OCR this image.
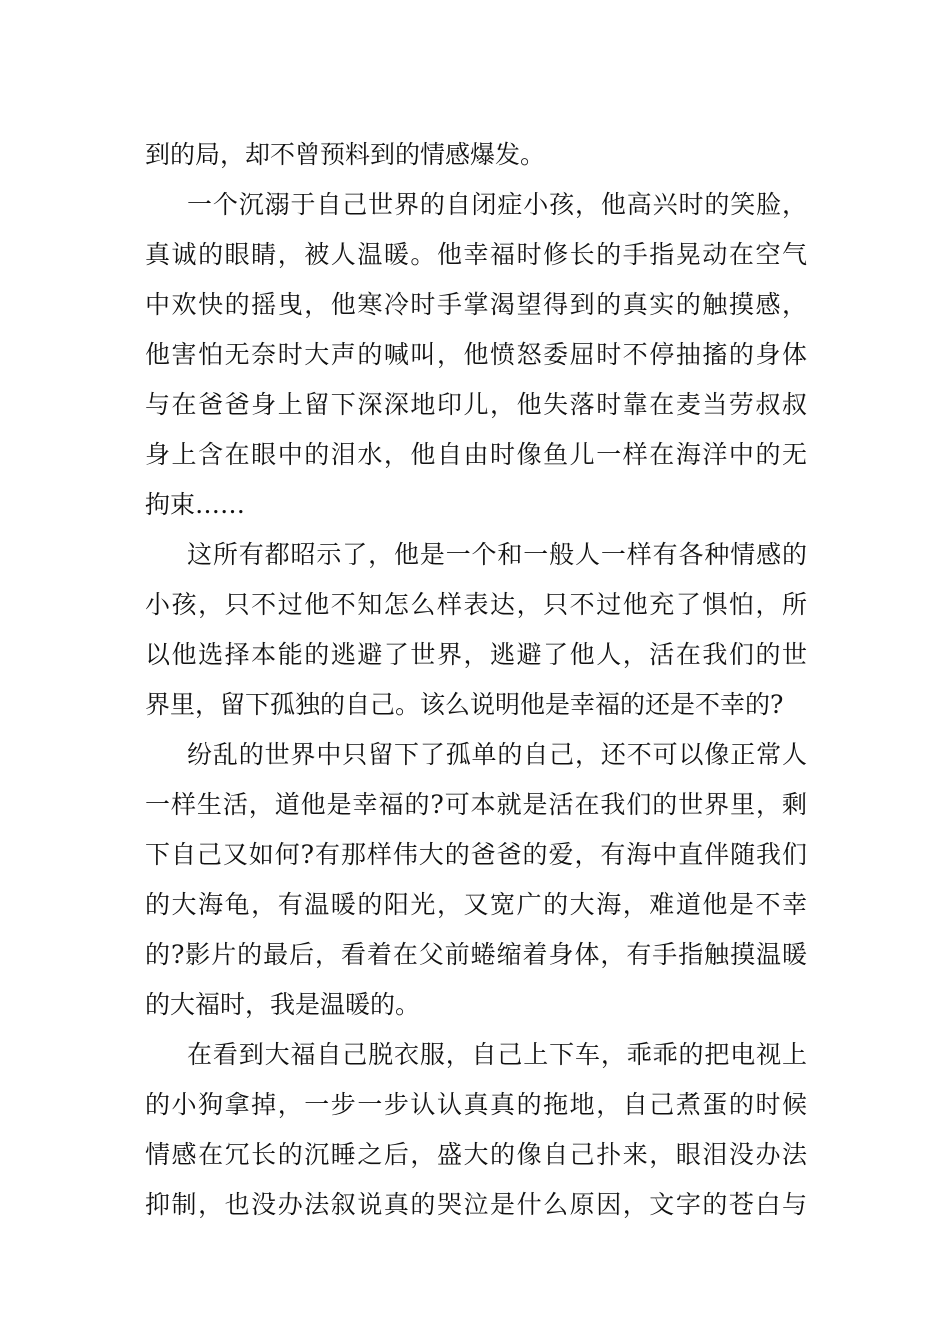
到的局，却不曾预料到的情感爆发。
一个沉溺于自己世界的自闭症小孩，他高兴时的笑脸，
真诚的眼睛，被人温暖。他幸福时修长的手指晃动在空气
中欢快的摇曳，他寒冷时手掌渴望得到的真实的触摸感，
他害怕无奈时大声的喊叫，他愤怒委屈时不停抽搐的身体
与在爸爸身上留下深深地印儿，他失落时靠在麦当劳叔叔
身上含在眼中的泪水，他自由时像鱼儿一样在海洋中的无
拘束……
这所有都昭示了，他是一个和一般人一样有各种情感的
小孩，只不过他不知怎么样表达，只不过他充了惧怕，所
以他选择本能的逃避了世界，逃避了他人，活在我们的世
界里，留下孤独的自己。该么说明他是幸福的还是不幸的?
纷乱的世界中只留下了孤单的自己，还不可以像正常人
一样生活，道他是幸福的?可本就是活在我们的世界里，剩
下自己又如何?有那样伟大的爸爸的爱，有海中直伴随我们
的大海龟，有温暖的阳光，又宽广的大海，难道他是不幸
的?影片的最后，看着在父前蜷缩着身体，有手指触摸温暖
的大福时，我是温暖的。
在看到大福自己脱衣服，自己上下车，乖乖的把电视上
的小狗拿掉，一步一步认认真真的拖地，自己煮蛋的时候
情感在冗长的沉睡之后，盛大的像自己扑来，眼泪没办法
抑制，也没办法叙说真的哭泣是什么原因，文字的苍白与
